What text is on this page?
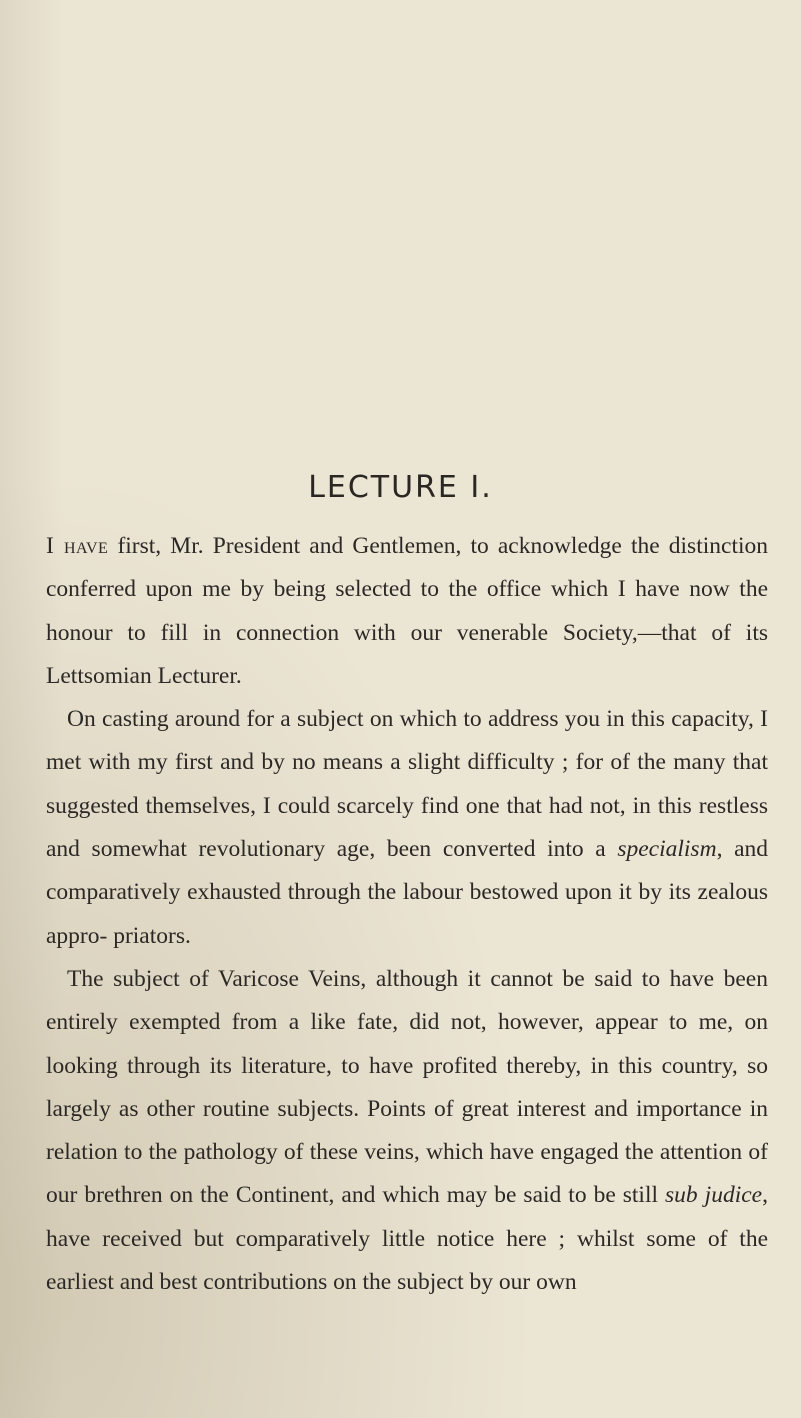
LECTURE I.

I have first, Mr. President and Gentlemen, to acknowledge the distinction conferred upon me by being selected to the office which I have now the honour to fill in connection with our venerable Society,—that of its Lettsomian Lecturer.

On casting around for a subject on which to address you in this capacity, I met with my first and by no means a slight difficulty ; for of the many that suggested themselves, I could scarcely find one that had not, in this restless and somewhat revolutionary age, been converted into a specialism, and comparatively exhausted through the labour bestowed upon it by its zealous appro- priators.

The subject of Varicose Veins, although it cannot be said to have been entirely exempted from a like fate, did not, however, appear to me, on looking through its literature, to have profited thereby, in this country, so largely as other routine subjects. Points of great interest and importance in relation to the pathology of these veins, which have engaged the attention of our brethren on the Continent, and which may be said to be still sub judice, have received but comparatively little notice here ; whilst some of the earliest and best contributions on the subject by our own
